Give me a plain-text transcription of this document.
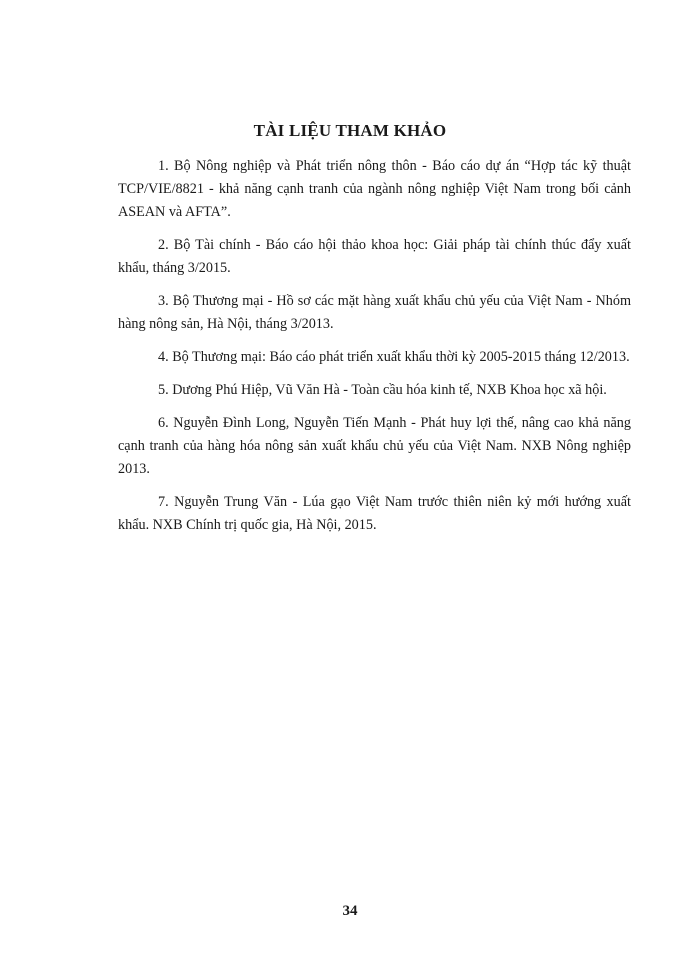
TÀI LIỆU THAM KHẢO

1. Bộ Nông nghiệp và Phát triển nông thôn - Báo cáo dự án “Hợp tác kỹ thuật TCP/VIE/8821 - khả năng cạnh tranh của ngành nông nghiệp Việt Nam trong bối cảnh ASEAN và AFTA”.

2. Bộ Tài chính - Báo cáo hội thảo khoa học: Giải pháp tài chính thúc đẩy xuất khẩu, tháng 3/2015.

3. Bộ Thương mại - Hồ sơ các mặt hàng xuất khẩu chủ yếu của Việt Nam - Nhóm hàng nông sản, Hà Nội, tháng 3/2013.

4. Bộ Thương mại: Báo cáo phát triển xuất khẩu thời kỳ 2005-2015 tháng 12/2013.

5. Dương Phú Hiệp, Vũ Văn Hà - Toàn cầu hóa kinh tế, NXB Khoa học xã hội.

6. Nguyễn Đình Long, Nguyễn Tiến Mạnh - Phát huy lợi thế, nâng cao khả năng cạnh tranh của hàng hóa nông sản xuất khẩu chủ yếu của Việt Nam. NXB Nông nghiệp 2013.

7. Nguyễn Trung Văn - Lúa gạo Việt Nam trước thiên niên kỷ mới hướng xuất khẩu. NXB Chính trị quốc gia, Hà Nội, 2015.

34
